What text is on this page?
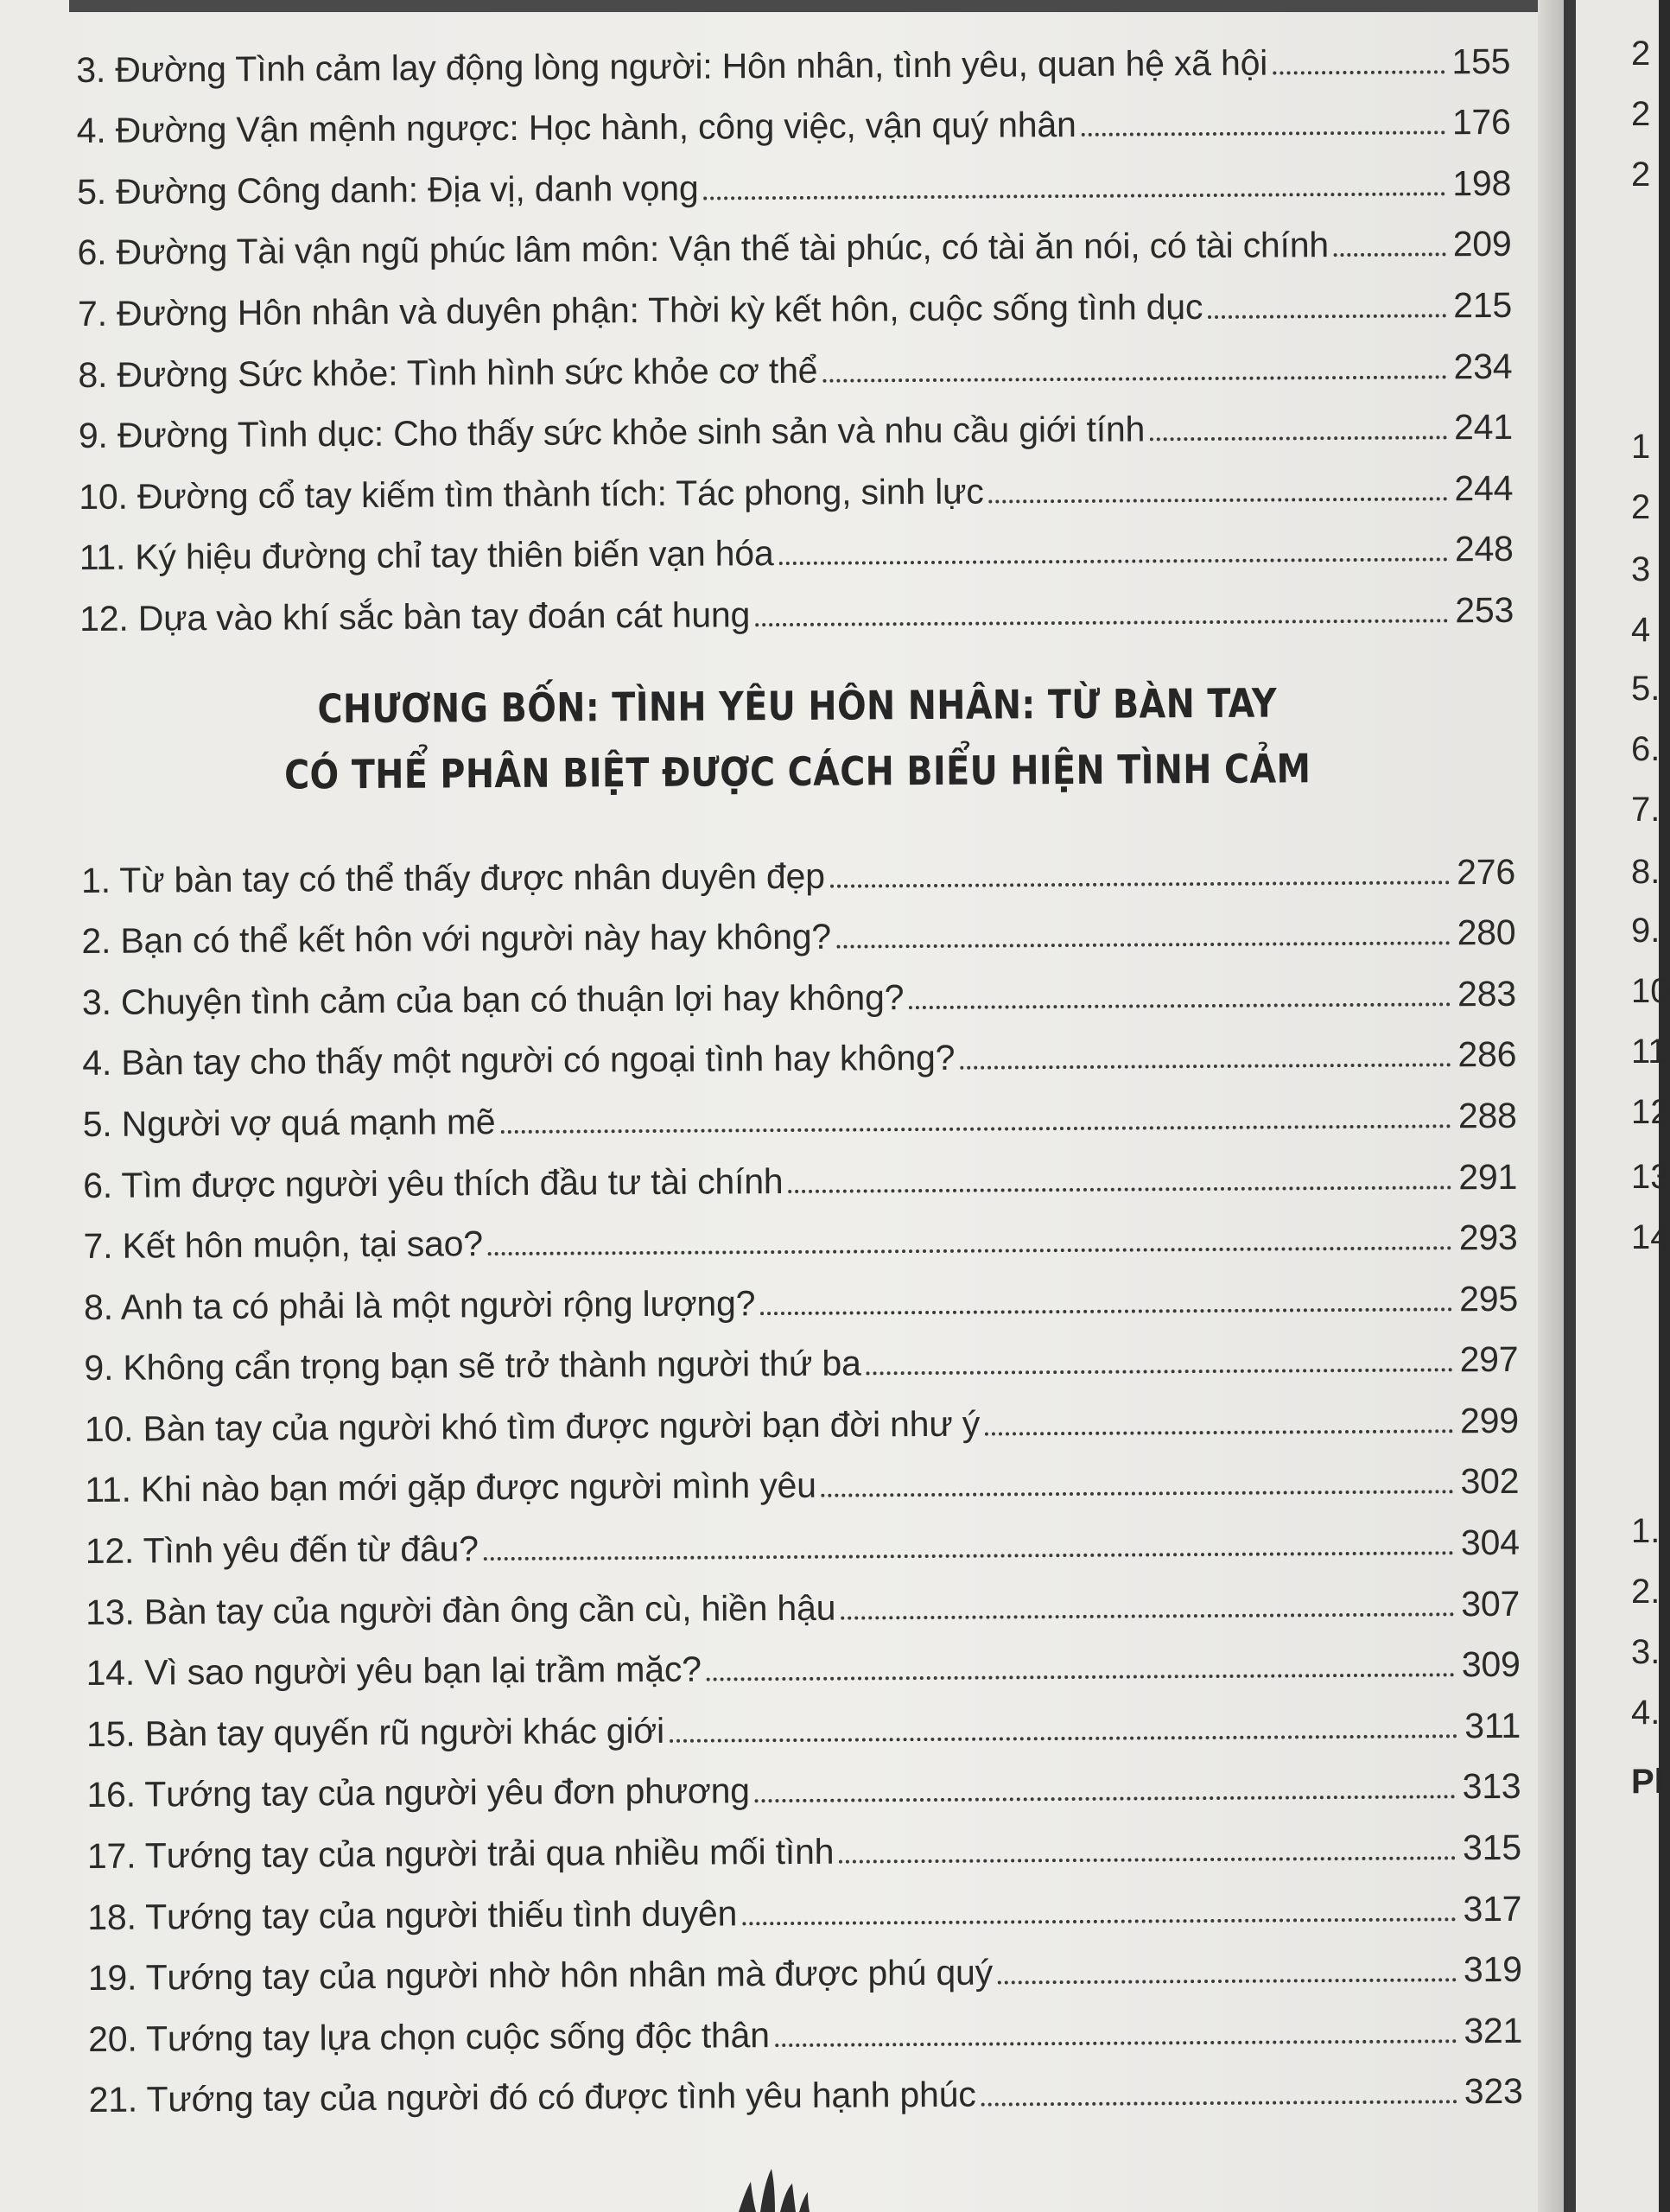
3. Đường Tình cảm lay động lòng người: Hôn nhân, tình yêu, quan hệ xã hội	155
4. Đường Vận mệnh ngược: Học hành, công việc, vận quý nhân	176
5. Đường Công danh: Địa vị, danh vọng	198
6. Đường Tài vận ngũ phúc lâm môn: Vận thế tài phúc, có tài ăn nói, có tài chính	209
7. Đường Hôn nhân và duyên phận: Thời kỳ kết hôn, cuộc sống tình dục	215
8. Đường Sức khỏe: Tình hình sức khỏe cơ thể	234
9. Đường Tình dục: Cho thấy sức khỏe sinh sản và nhu cầu giới tính	241
10. Đường cổ tay kiếm tìm thành tích: Tác phong, sinh lực	244
11. Ký hiệu đường chỉ tay thiên biến vạn hóa	248
12. Dựa vào khí sắc bàn tay đoán cát hung	253
CHƯƠNG BỐN: TÌNH YÊU HÔN NHÂN: TỪ BÀN TAY
CÓ THỂ PHÂN BIỆT ĐƯỢC CÁCH BIỂU HIỆN TÌNH CẢM
1. Từ bàn tay có thể thấy được nhân duyên đẹp	276
2. Bạn có thể kết hôn với người này hay không?	280
3. Chuyện tình cảm của bạn có thuận lợi hay không?	283
4. Bàn tay cho thấy một người có ngoại tình hay không?	286
5. Người vợ quá mạnh mẽ	288
6. Tìm được người yêu thích đầu tư tài chính	291
7. Kết hôn muộn, tại sao?	293
8. Anh ta có phải là một người rộng lượng?	295
9. Không cẩn trọng bạn sẽ trở thành người thứ ba	297
10. Bàn tay của người khó tìm được người bạn đời như ý	299
11. Khi nào bạn mới gặp được người mình yêu	302
12. Tình yêu đến từ đâu?	304
13. Bàn tay của người đàn ông cần cù, hiền hậu	307
14. Vì sao người yêu bạn lại trầm mặc?	309
15. Bàn tay quyến rũ người khác giới	311
16. Tướng tay của người yêu đơn phương	313
17. Tướng tay của người trải qua nhiều mối tình	315
18. Tướng tay của người thiếu tình duyên	317
19. Tướng tay của người nhờ hôn nhân mà được phú quý	319
20. Tướng tay lựa chọn cuộc sống độc thân	321
21. Tướng tay của người đó có được tình yêu hạnh phúc	323
2
2
2
1
2
3
4
5.
6.
7.
8.
9.
10
11
12
13
14
1.
2.
3.
4.
Pl
